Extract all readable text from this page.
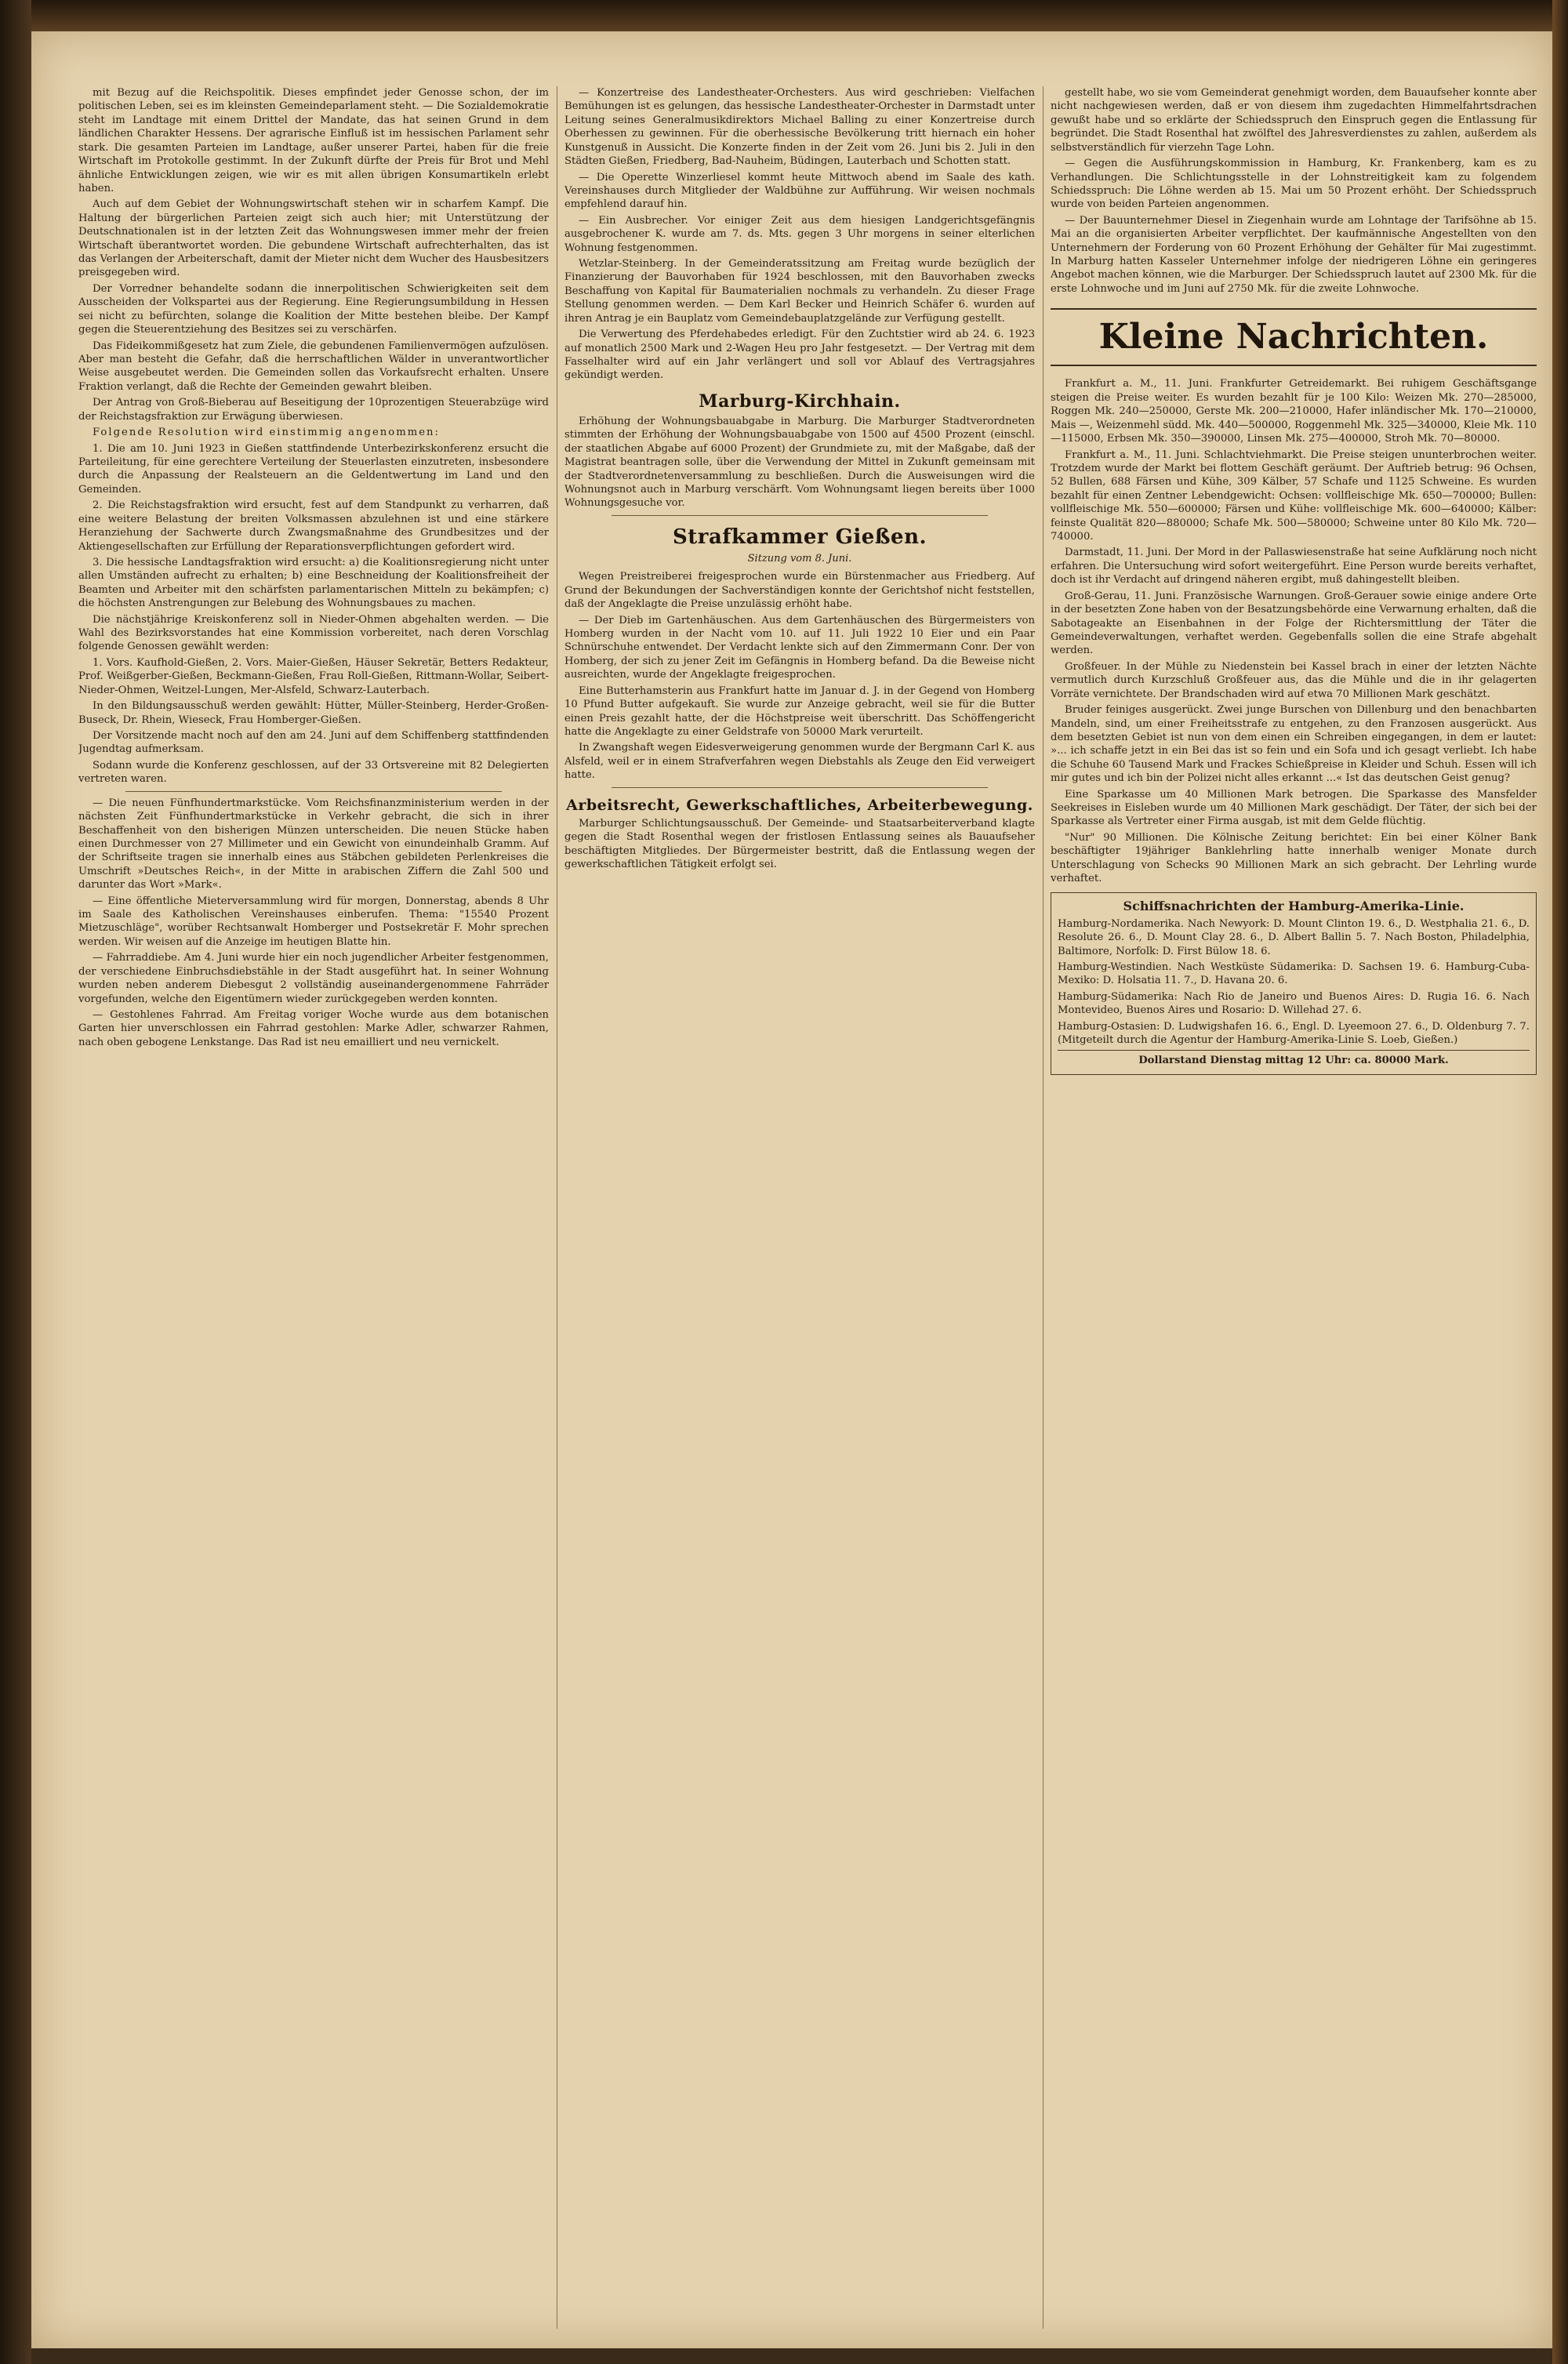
mit Bezug auf die Reichspolitik. Dieses empfindet jeder Genosse schon, der im politischen Leben, sei es im kleinsten Gemeindeparlament steht. — Die Sozialdemokratie steht im Landtage mit einem Drittel der Mandate, das hat seinen Grund in dem ländlichen Charakter Hessens. Der agrarische Einfluß ist im hessischen Parlament sehr stark. Die gesamten Parteien im Landtage, außer unserer Partei, haben für die freie Wirtschaft im Protokolle gestimmt. In der Zukunft dürfte der Preis für Brot und Mehl ähnliche Entwicklungen zeigen, wie wir es mit allen übrigen Konsumartikeln erlebt haben.

Auch auf dem Gebiet der Wohnungswirtschaft stehen wir in scharfem Kampf. Die Haltung der bürgerlichen Parteien zeigt sich auch hier; mit Unterstützung der Deutschnationalen ist in der letzten Zeit das Wohnungswesen immer mehr der freien Wirtschaft überantwortet worden. Die gebundene Wirtschaft aufrechterhalten, das ist das Verlangen der Arbeiterschaft, damit der Mieter nicht dem Wucher des Hausbesitzers preisgegeben wird.

Der Vorredner behandelte sodann die innerpolitischen Schwierigkeiten seit dem Ausscheiden der Volkspartei aus der Regierung. Eine Regierungsumbildung in Hessen sei nicht zu befürchten, solange die Koalition der Mitte bestehen bleibe. Der Kampf gegen die Steuerentziehung des Besitzes sei zu verschärfen.

Das Fideikommißgesetz hat zum Ziele, die gebundenen Familienvermögen aufzulösen. Aber man besteht die Gefahr, daß die herrschaftlichen Wälder in unverantwortlicher Weise ausgebeutet werden. Die Gemeinden sollen das Vorkaufsrecht erhalten. Unsere Fraktion verlangt, daß die Rechte der Gemeinden gewahrt bleiben.

Der Antrag von Groß-Bieberau auf Beseitigung der 10prozentigen Steuerabzüge wird der Reichstagsfraktion zur Erwägung überwiesen.

Folgende Resolution wird einstimmig angenommen:

1. Die am 10. Juni 1923 in Gießen stattfindende Unterbezirkskonferenz ersucht die Parteileitung, für eine gerechtere Verteilung der Steuerlasten einzutreten, insbesondere durch die Anpassung der Realsteuern an die Geldentwertung im Land und den Gemeinden.

2. Die Reichstagsfraktion wird ersucht, fest auf dem Standpunkt zu verharren, daß eine weitere Belastung der breiten Volksmassen abzulehnen ist und eine stärkere Heranziehung der Sachwerte durch Zwangsmaßnahme des Grundbesitzes und der Aktiengesellschaften zur Erfüllung der Reparationsverpflichtungen gefordert wird.

3. Die hessische Landtagsfraktion wird ersucht: a) die Koalitionsregierung nicht unter allen Umständen aufrecht zu erhalten; b) eine Beschneidung der Koalitionsfreiheit der Beamten und Arbeiter mit den schärfsten parlamentarischen Mitteln zu bekämpfen; c) die höchsten Anstrengungen zur Belebung des Wohnungsbaues zu machen.

Die nächstjährige Kreiskonferenz soll in Nieder-Ohmen abgehalten werden. — Die Wahl des Bezirksvorstandes hat eine Kommission vorbereitet, nach deren Vorschlag folgende Genossen gewählt werden:

1. Vors. Kaufhold-Gießen, 2. Vors. Maier-Gießen, Häuser Sekretär, Betters Redakteur, Prof. Weißgerber-Gießen, Beckmann-Gießen, Frau Roll-Gießen, Rittmann-Wollar, Seibert-Nieder-Ohmen, Weitzel-Lungen, Mer-Alsfeld, Schwarz-Lauterbach.

In den Bildungsausschuß werden gewählt: Hütter, Müller-Steinberg, Herder-Großen-Buseck, Dr. Rhein, Wieseck, Frau Homberger-Gießen.

Der Vorsitzende macht noch auf den am 24. Juni auf dem Schiffenberg stattfindenden Jugendtag aufmerksam.

Sodann wurde die Konferenz geschlossen, auf der 33 Ortsvereine mit 82 Delegierten vertreten waren.

— Die neuen Fünfhundertmarkstücke. Vom Reichsfinanzministerium werden in der nächsten Zeit Fünfhundertmarkstücke in Verkehr gebracht, die sich in ihrer Beschaffenheit von den bisherigen Münzen unterscheiden. Die neuen Stücke haben einen Durchmesser von 27 Millimeter und ein Gewicht von einundeinhalb Gramm. Auf der Schriftseite tragen sie innerhalb eines aus Stäbchen gebildeten Perlenkreises die Umschrift »Deutsches Reich«, in der Mitte in arabischen Ziffern die Zahl 500 und darunter das Wort »Mark«.

— Eine öffentliche Mieterversammlung wird für morgen, Donnerstag, abends 8 Uhr im Saale des Katholischen Vereinshauses einberufen. Thema: "15540 Prozent Mietzuschläge", worüber Rechtsanwalt Homberger und Postsekretär F. Mohr sprechen werden. Wir weisen auf die Anzeige im heutigen Blatte hin.

— Fahrraddiebe. Am 4. Juni wurde hier ein noch jugendlicher Arbeiter festgenommen, der verschiedene Einbruchsdiebstähle in der Stadt ausgeführt hat. In seiner Wohnung wurden neben anderem Diebesgut 2 vollständig auseinandergenommene Fahrräder vorgefunden, welche den Eigentümern wieder zurückgegeben werden konnten.

— Gestohlenes Fahrrad. Am Freitag voriger Woche wurde aus dem botanischen Garten hier unverschlossen ein Fahrrad gestohlen: Marke Adler, schwarzer Rahmen, nach oben gebogene Lenkstange. Das Rad ist neu emailliert und neu vernickelt.

— Konzertreise des Landestheater-Orchesters. Aus wird geschrieben: Vielfachen Bemühungen ist es gelungen, das hessische Landestheater-Orchester in Darmstadt unter Leitung seines Generalmusikdirektors Michael Balling zu einer Konzertreise durch Oberhessen zu gewinnen. Für die oberhessische Bevölkerung tritt hiernach ein hoher Kunstgenuß in Aussicht. Die Konzerte finden in der Zeit vom 26. Juni bis 2. Juli in den Städten Gießen, Friedberg, Bad-Nauheim, Büdingen, Lauterbach und Schotten statt.

— Die Operette Winzerliesel kommt heute Mittwoch abend im Saale des kath. Vereinshauses durch Mitglieder der Waldbühne zur Aufführung. Wir weisen nochmals empfehlend darauf hin.

— Ein Ausbrecher. Vor einiger Zeit aus dem hiesigen Landgerichtsgefängnis ausgebrochener K. wurde am 7. ds. Mts. gegen 3 Uhr morgens in seiner elterlichen Wohnung festgenommen.

Wetzlar-Steinberg. In der Gemeinderatssitzung am Freitag wurde bezüglich der Finanzierung der Bauvorhaben für 1924 beschlossen, mit den Bauvorhaben zwecks Beschaffung von Kapital für Baumaterialien nochmals zu verhandeln. Zu dieser Frage Stellung genommen werden. — Dem Karl Becker und Heinrich Schäfer 6. wurden auf ihren Antrag je ein Bauplatz vom Gemeindebauplatzgelände zur Verfügung gestellt.

Die Verwertung des Pferdehabedes erledigt. Für den Zuchtstier wird ab 24. 6. 1923 auf monatlich 2500 Mark und 2-Wagen Heu pro Jahr festgesetzt. — Der Vertrag mit dem Fasselhalter wird auf ein Jahr verlängert und soll vor Ablauf des Vertragsjahres gekündigt werden.

Marburg-Kirchhain.

Erhöhung der Wohnungsbauabgabe in Marburg. Die Marburger Stadtverordneten stimmten der Erhöhung der Wohnungsbauabgabe von 1500 auf 4500 Prozent (einschl. der staatlichen Abgabe auf 6000 Prozent) der Grundmiete zu, mit der Maßgabe, daß der Magistrat beantragen solle, über die Verwendung der Mittel in Zukunft gemeinsam mit der Stadtverordnetenversammlung zu beschließen. Durch die Ausweisungen wird die Wohnungsnot auch in Marburg verschärft. Vom Wohnungsamt liegen bereits über 1000 Wohnungsgesuche vor.

Strafkammer Gießen.
Sitzung vom 8. Juni.

Wegen Preistreiberei freigesprochen wurde ein Bürstenmacher aus Friedberg. Auf Grund der Bekundungen der Sachverständigen konnte der Gerichtshof nicht feststellen, daß der Angeklagte die Preise unzulässig erhöht habe.

— Der Dieb im Gartenhäuschen. Aus dem Gartenhäuschen des Bürgermeisters von Homberg wurden in der Nacht vom 10. auf 11. Juli 1922 10 Eier und ein Paar Schnürschuhe entwendet. Der Verdacht lenkte sich auf den Zimmermann Conr. Der von Homberg, der sich zu jener Zeit im Gefängnis in Homberg befand. Da die Beweise nicht ausreichten, wurde der Angeklagte freigesprochen.

Eine Butterhamsterin aus Frankfurt hatte im Januar d. J. in der Gegend von Homberg 10 Pfund Butter aufgekauft. Sie wurde zur Anzeige gebracht, weil sie für die Butter einen Preis gezahlt hatte, der die Höchstpreise weit überschritt. Das Schöffengericht hatte die Angeklagte zu einer Geldstrafe von 50000 Mark verurteilt.

In Zwangshaft wegen Eidesverweigerung genommen wurde der Bergmann Carl K. aus Alsfeld, weil er in einem Strafverfahren wegen Diebstahls als Zeuge den Eid verweigert hatte.

Arbeitsrecht, Gewerkschaftliches, Arbeiterbewegung.

Marburger Schlichtungsausschuß. Der Gemeinde- und Staatsarbeiterverband klagte gegen die Stadt Rosenthal wegen der fristlosen Entlassung seines als Bauaufseher beschäftigten Mitgliedes. Der Bürgermeister bestritt, daß die Entlassung wegen der gewerkschaftlichen Tätigkeit erfolgt sei.

gestellt habe, wo sie vom Gemeinderat genehmigt worden, dem Bauaufseher konnte aber nicht nachgewiesen werden, daß er von diesem ihm zugedachten Himmelfahrtsdrachen gewußt habe und so erklärte der Schiedsspruch den Einspruch gegen die Entlassung für begründet. Die Stadt Rosenthal hat zwölftel des Jahresverdienstes zu zahlen, außerdem als selbstverständlich für vierzehn Tage Lohn.

— Gegen die Ausführungskommission in Hamburg, Kr. Frankenberg, kam es zu Verhandlungen. Die Schlichtungsstelle in der Lohnstreitigkeit kam zu folgendem Schiedsspruch: Die Löhne werden ab 15. Mai um 50 Prozent erhöht. Der Schiedsspruch wurde von beiden Parteien angenommen.

— Der Bauunternehmer Diesel in Ziegenhain wurde am Lohntage der Tarifsöhne ab 15. Mai an die organisierten Arbeiter verpflichtet. Der kaufmännische Angestellten von den Unternehmern der Forderung von 60 Prozent Erhöhung der Gehälter für Mai zugestimmt. In Marburg hatten Kasseler Unternehmer infolge der niedrigeren Löhne ein geringeres Angebot machen können, wie die Marburger. Der Schiedsspruch lautet auf 2300 Mk. für die erste Lohnwoche und im Juni auf 2750 Mk. für die zweite Lohnwoche.

Kleine Nachrichten.

Frankfurt a. M., 11. Juni. Frankfurter Getreidemarkt. Bei ruhigem Geschäftsgange steigen die Preise weiter. Es wurden bezahlt für je 100 Kilo: Weizen Mk. 270—285000, Roggen Mk. 240—250000, Gerste Mk. 200—210000, Hafer inländischer Mk. 170—210000, Mais —, Weizenmehl südd. Mk. 440—500000, Roggenmehl Mk. 325—340000, Kleie Mk. 110—115000, Erbsen Mk. 350—390000, Linsen Mk. 275—400000, Stroh Mk. 70—80000.

Frankfurt a. M., 11. Juni. Schlachtviehmarkt. Die Preise steigen ununterbrochen weiter. Trotzdem wurde der Markt bei flottem Geschäft geräumt. Der Auftrieb betrug: 96 Ochsen, 52 Bullen, 688 Färsen und Kühe, 309 Kälber, 57 Schafe und 1125 Schweine. Es wurden bezahlt für einen Zentner Lebendgewicht: Ochsen: vollfleischige Mk. 650—700000; Bullen: vollfleischige Mk. 550—600000; Färsen und Kühe: vollfleischige Mk. 600—640000; Kälber: feinste Qualität 820—880000; Schafe Mk. 500—580000; Schweine unter 80 Kilo Mk. 720—740000.

Darmstadt, 11. Juni. Der Mord in der Pallaswiesenstraße hat seine Aufklärung noch nicht erfahren. Die Untersuchung wird sofort weitergeführt. Eine Person wurde bereits verhaftet, doch ist ihr Verdacht auf dringend näheren ergibt, muß dahingestellt bleiben.

Groß-Gerau, 11. Juni. Französische Warnungen. Groß-Gerauer sowie einige andere Orte in der besetzten Zone haben von der Besatzungsbehörde eine Verwarnung erhalten, daß die Sabotageakte an Eisenbahnen in der Folge der Richtersmittlung der Täter die Gemeindeverwaltungen, verhaftet werden. Gegebenfalls sollen die eine Strafe abgehalt werden.

Großfeuer. In der Mühle zu Niedenstein bei Kassel brach in einer der letzten Nächte vermutlich durch Kurzschluß Großfeuer aus, das die Mühle und die in ihr gelagerten Vorräte vernichtete. Der Brandschaden wird auf etwa 70 Millionen Mark geschätzt.

Bruder feiniges ausgerückt. Zwei junge Burschen von Dillenburg und den benachbarten Mandeln, sind, um einer Freiheitsstrafe zu entgehen, zu den Franzosen ausgerückt. Aus dem besetzten Gebiet ist nun von dem einen ein Schreiben eingegangen, in dem er lautet: »... ich schaffe jetzt in ein Bei das ist so fein und ein Sofa und ich gesagt verliebt. Ich habe die Schuhe 60 Tausend Mark und Frackes Schießpreise in Kleider und Schuh. Essen will ich mir gutes und ich bin der Polizei nicht alles erkannt ...« Ist das deutschen Geist genug?

Eine Sparkasse um 40 Millionen Mark betrogen. Die Sparkasse des Mansfelder Seekreises in Eisleben wurde um 40 Millionen Mark geschädigt. Der Täter, der sich bei der Sparkasse als Vertreter einer Firma ausgab, ist mit dem Gelde flüchtig.

"Nur" 90 Millionen. Die Kölnische Zeitung berichtet: Ein bei einer Kölner Bank beschäftigter 19jähriger Banklehrling hatte innerhalb weniger Monate durch Unterschlagung von Schecks 90 Millionen Mark an sich gebracht. Der Lehrling wurde verhaftet.

Schiffsnachrichten der Hamburg-Amerika-Linie.

Hamburg-Nordamerika. Nach Newyork: D. Mount Clinton 19. 6., D. Westphalia 21. 6., D. Resolute 26. 6., D. Mount Clay 28. 6., D. Albert Ballin 5. 7. Nach Boston, Philadelphia, Baltimore, Norfolk: D. First Bülow 18. 6.

Hamburg-Westindien. Nach Westküste Südamerika: D. Sachsen 19. 6. Hamburg-Cuba-Mexiko: D. Holsatia 11. 7., D. Havana 20. 6.

Hamburg-Südamerika: Nach Rio de Janeiro und Buenos Aires: D. Rugia 16. 6. Nach Montevideo, Buenos Aires und Rosario: D. Willehad 27. 6.

Hamburg-Ostasien: D. Ludwigshafen 16. 6., Engl. D. Lyeemoon 27. 6., D. Oldenburg 7. 7. (Mitgeteilt durch die Agentur der Hamburg-Amerika-Linie S. Loeb, Gießen.)

Dollarstand Dienstag mittag 12 Uhr: ca. 80000 Mark.
